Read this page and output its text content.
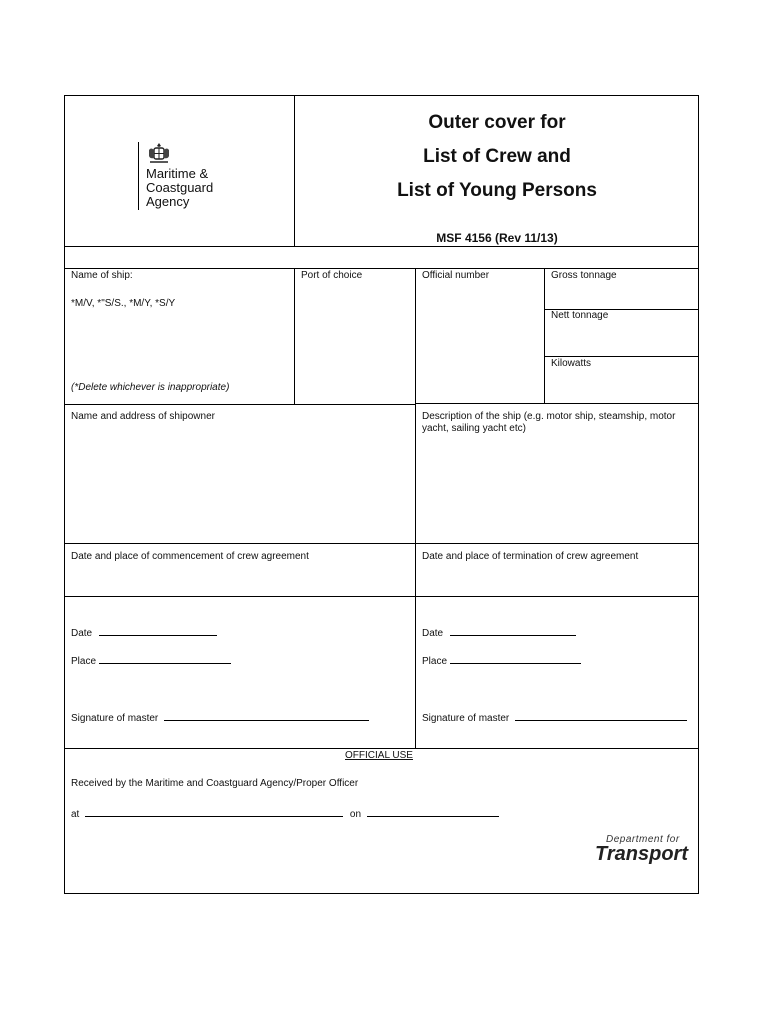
Maritime &
Coastguard
Agency
Outer cover for
List of Crew and
List of Young Persons
MSF 4156 (Rev 11/13)
Name of ship:
*M/V, *"S/S., *M/Y, *S/Y
(*Delete whichever is inappropriate)
Port of choice	Official number	Gross tonnage
Nett tonnage
Kilowatts
Name and address of shipowner	Description of the ship (e.g. motor ship, steamship, motor yacht, sailing yacht etc)
Date and place of commencement of crew agreement	Date and place of termination of crew agreement
Date
Place
Signature of master
Date
Place
Signature of master
OFFICIAL USE
Received by the Maritime and Coastguard Agency/Proper Officer
at	on
Department for
Transport
